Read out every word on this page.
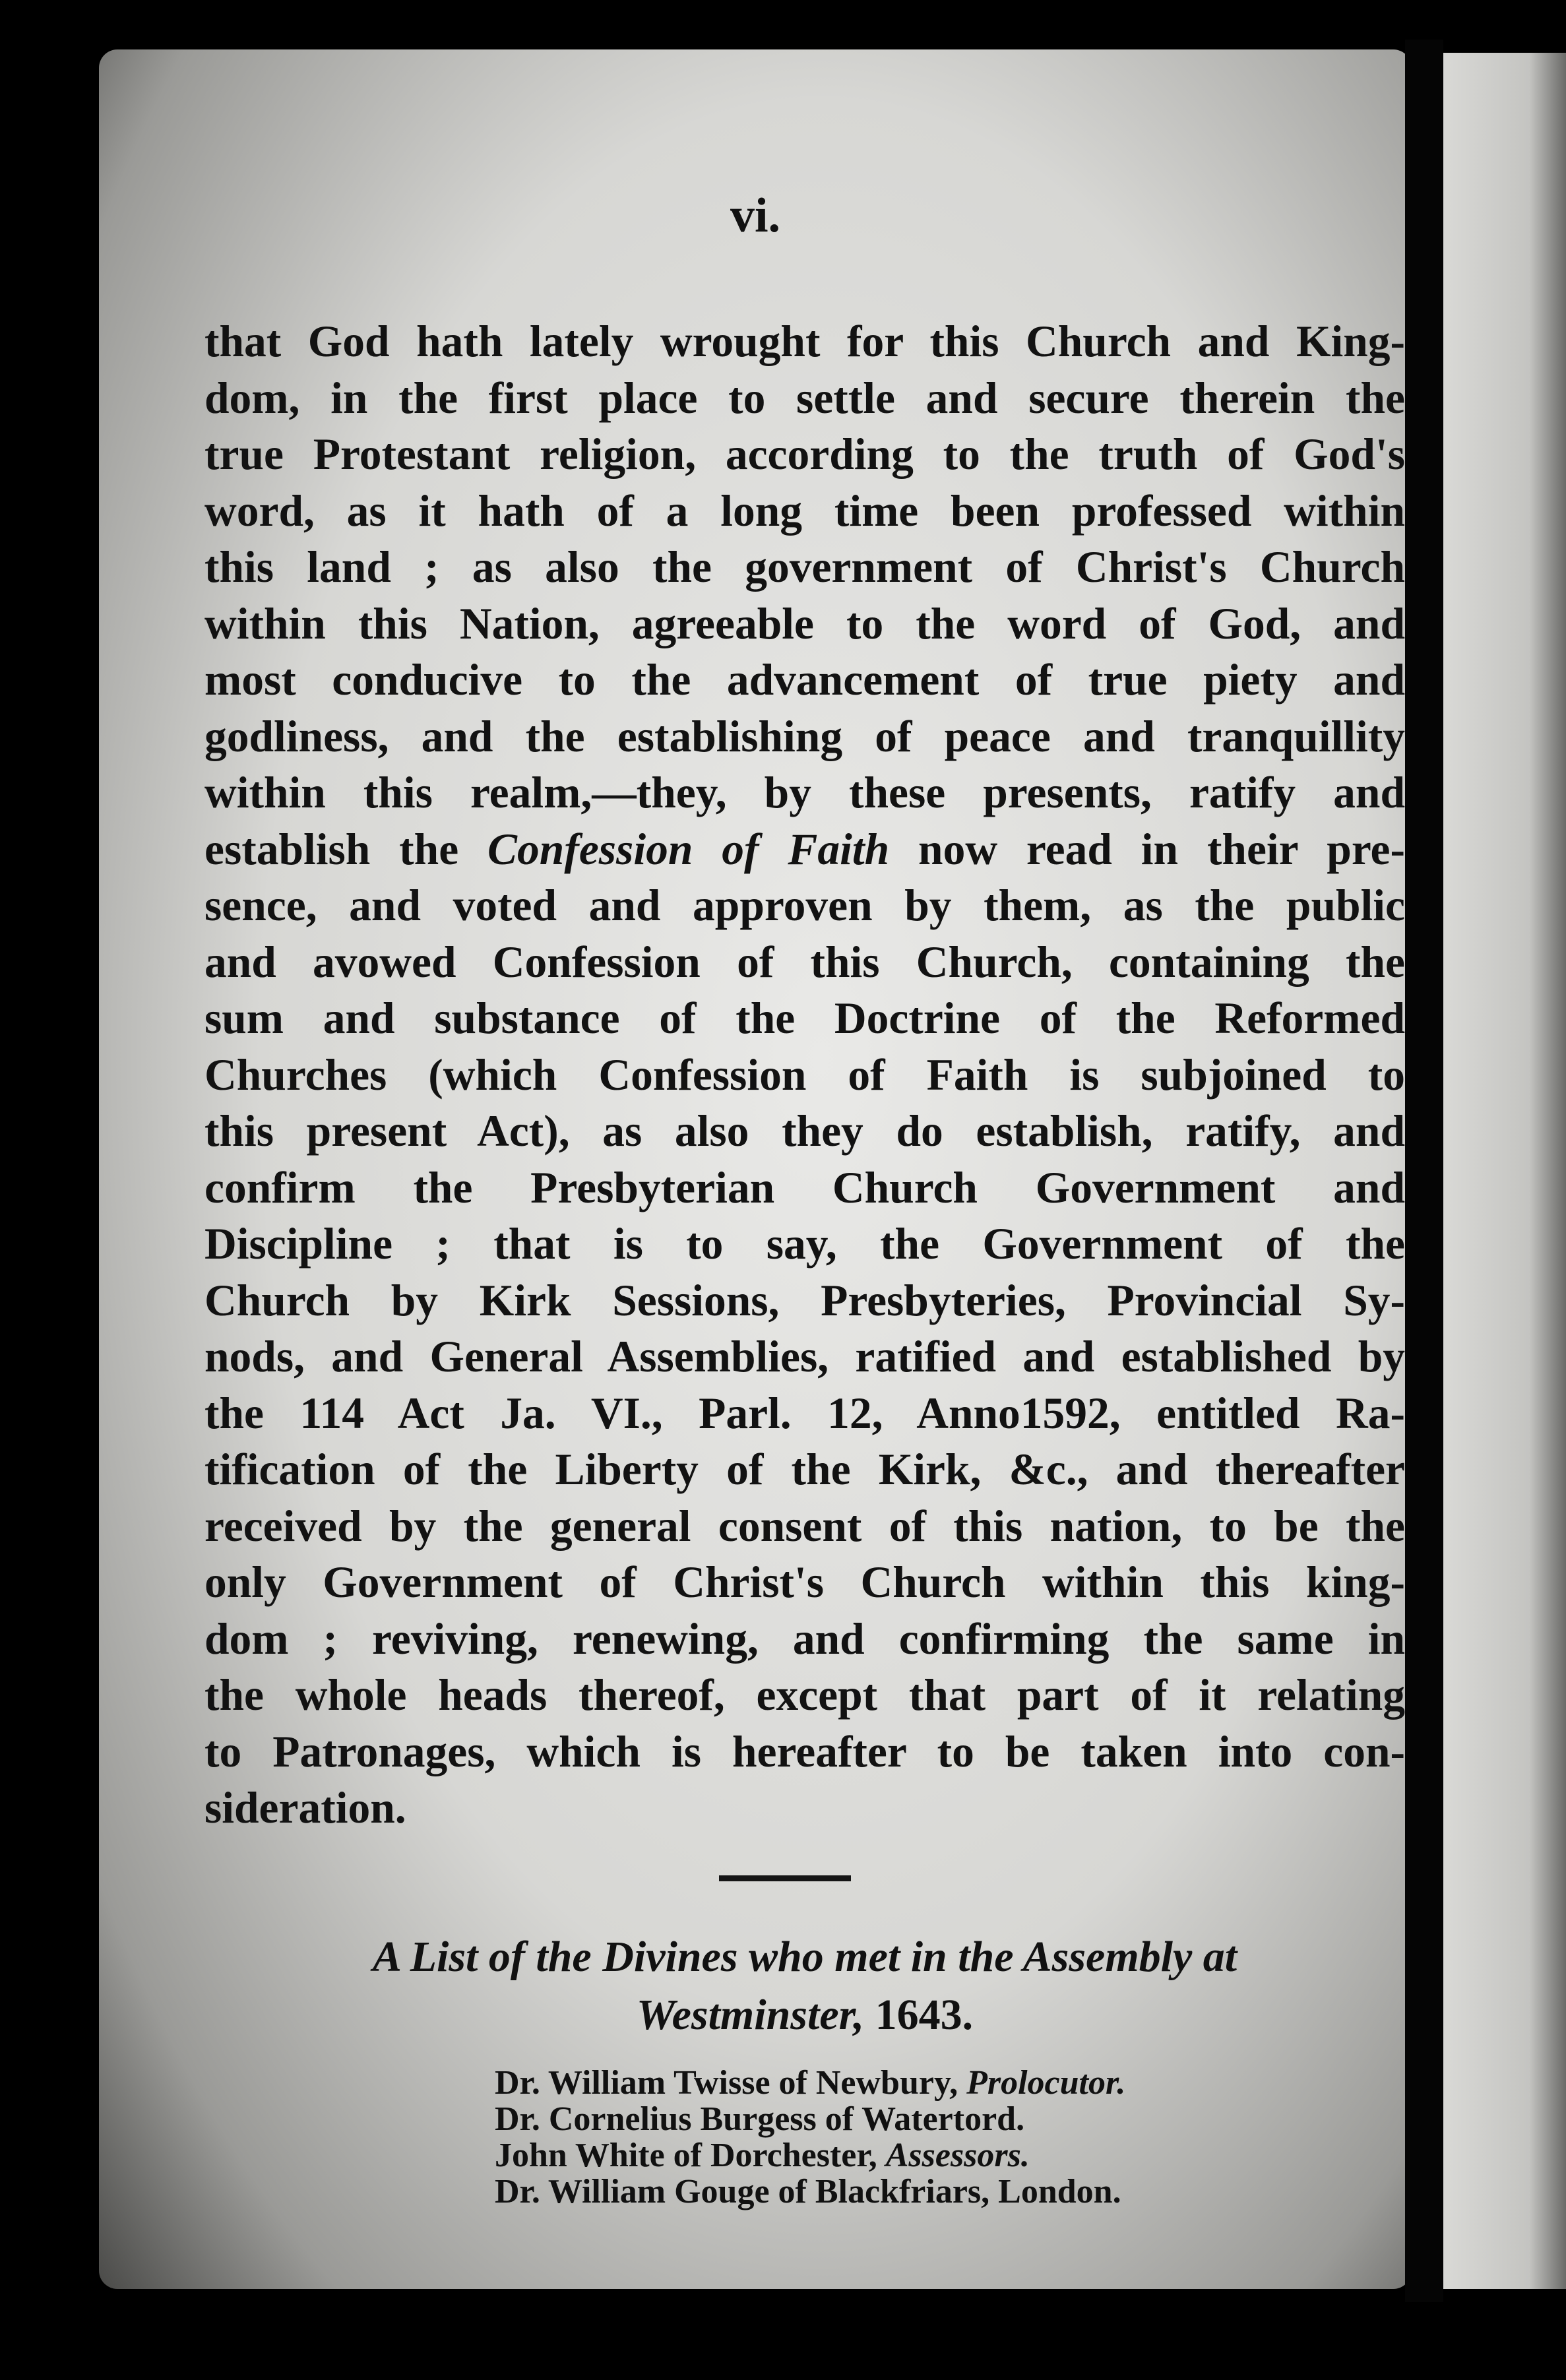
vi.
that God hath lately wrought for this Church and King-
dom, in the first place to settle and secure therein the
true Protestant religion, according to the truth of God's
word, as it hath of a long time been professed within
this land ; as also the government of Christ's Church
within this Nation, agreeable to the word of God, and
most conducive to the advancement of true piety and
godliness, and the establishing of peace and tranquillity
within this realm,—they, by these presents, ratify and
establish the Confession of Faith now read in their pre-
sence, and voted and approven by them, as the public
and avowed Confession of this Church, containing the
sum and substance of the Doctrine of the Reformed
Churches (which Confession of Faith is subjoined to
this present Act), as also they do establish, ratify, and
confirm the Presbyterian Church Government and
Discipline ; that is to say, the Government of the
Church by Kirk Sessions, Presbyteries, Provincial Sy-
nods, and General Assemblies, ratified and established by
the 114 Act Ja. VI., Parl. 12, Anno1592, entitled Ra-
tification of the Liberty of the Kirk, &c., and thereafter
received by the general consent of this nation, to be the
only Government of Christ's Church within this king-
dom ; reviving, renewing, and confirming the same in
the whole heads thereof, except that part of it relating
to Patronages, which is hereafter to be taken into con-
sideration.
A List of the Divines who met in the Assembly at
Westminster, 1643.
Dr. William Twisse of Newbury, Prolocutor.
Dr. Cornelius Burgess of Watertord.
John White of Dorchester, Assessors.
Dr. William Gouge of Blackfriars, London.
